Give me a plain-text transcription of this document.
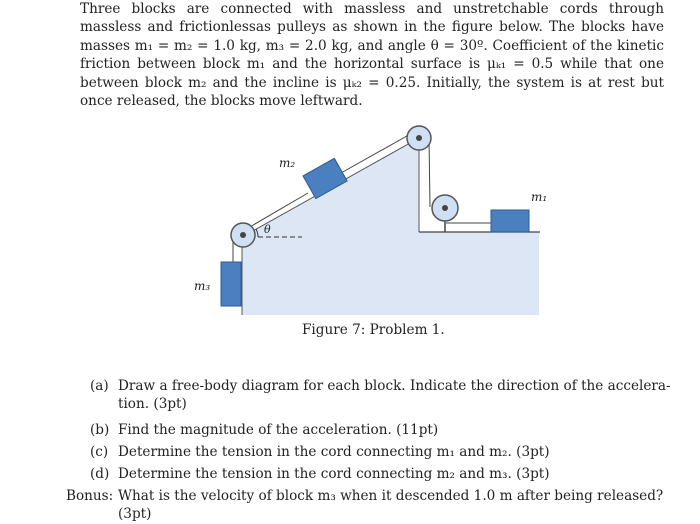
Three blocks are connected with massless and unstretchable cords through massless and frictionlessas pulleys as shown in the figure below. The blocks have masses m₁ = m₂ = 1.0 kg, m₃ = 2.0 kg, and angle θ = 30º. Coefficient of the kinetic friction between block m₁ and the horizontal surface is μₖ₁ = 0.5 while that one between block m₂ and the incline is μₖ₂ = 0.25. Initially, the system is at rest but once released, the blocks move leftward.

m₂
m₁
m₃
θ
Figure 7: Problem 1.
(a) Draw a free-body diagram for each block. Indicate the direction of the accelera-
tion. (3pt)
(b) Find the magnitude of the acceleration. (11pt)
(c) Determine the tension in the cord connecting m₁ and m₂. (3pt)
(d) Determine the tension in the cord connecting m₂ and m₃. (3pt)
Bonus: What is the velocity of block m₃ when it descended 1.0 m after being released?
(3pt)
